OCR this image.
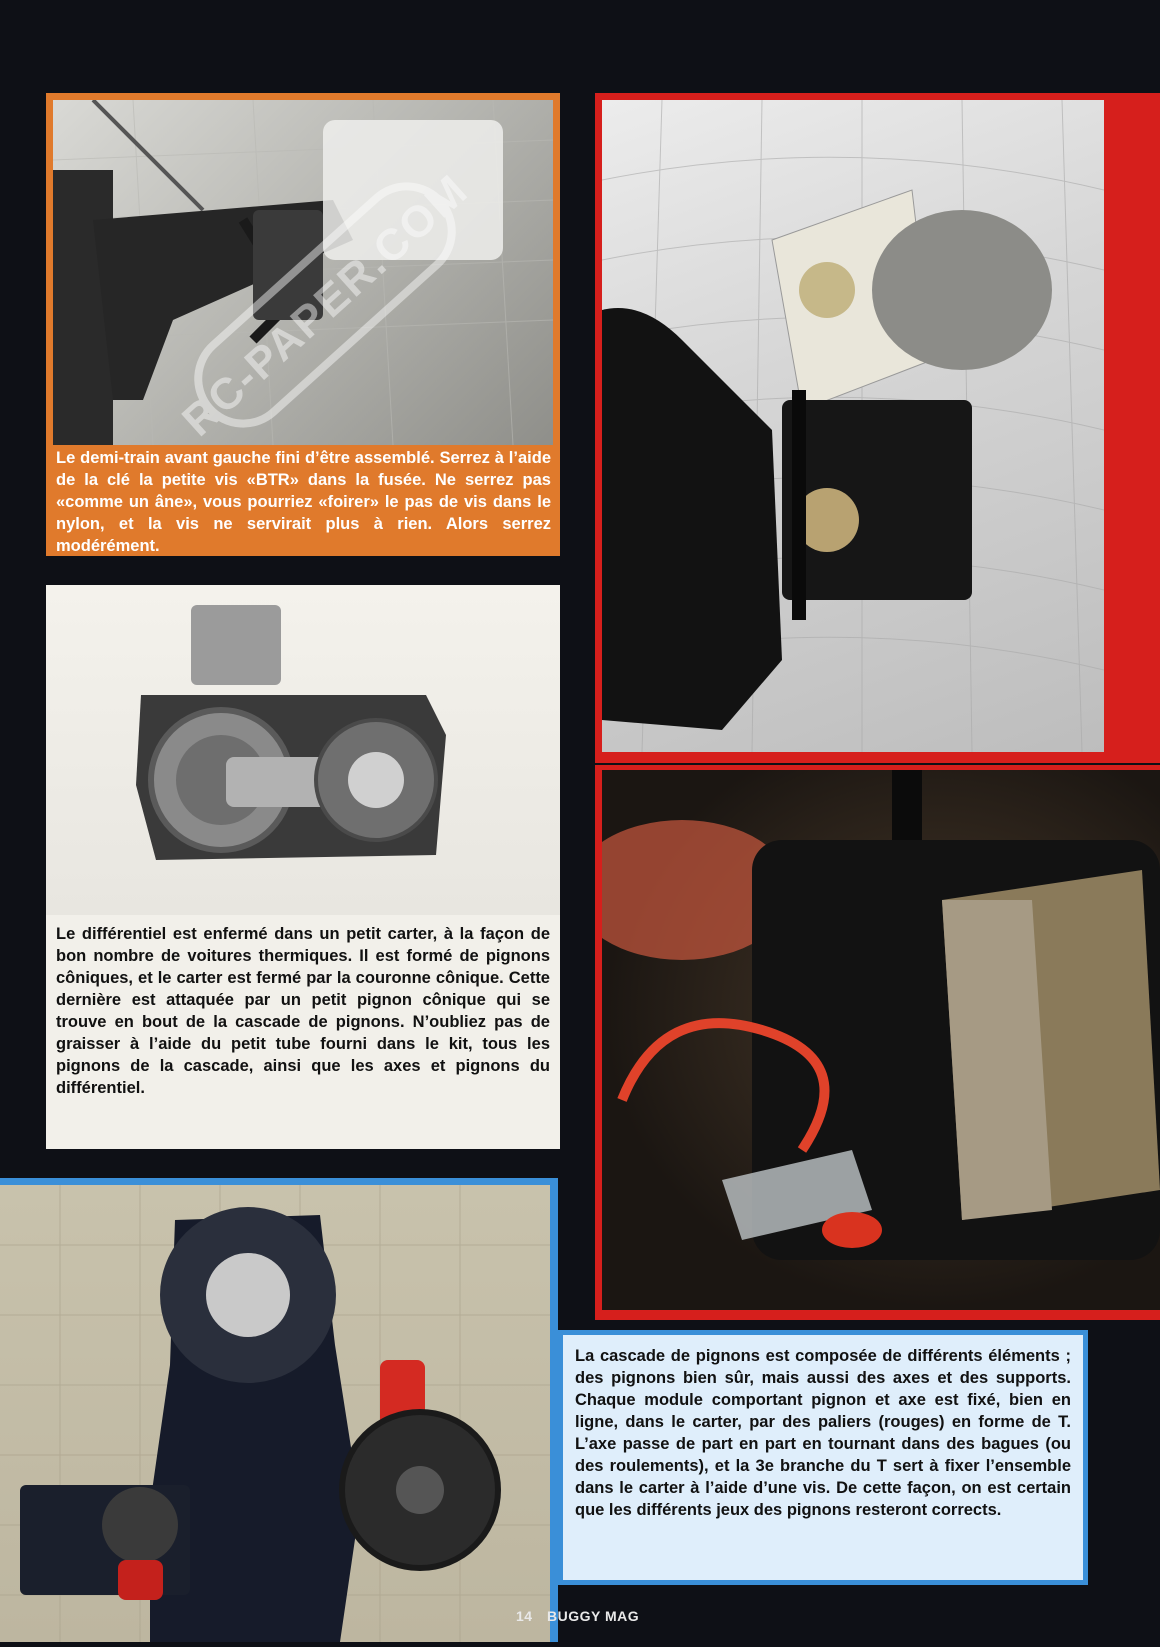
Le demi-train avant gauche fini d’être assemblé. Serrez à l’aide de la clé la petite vis «BTR» dans la fusée. Ne serrez pas «comme un âne», vous pourriez «foirer» le pas de vis dans le nylon, et la vis ne servirait plus à rien. Alors serrez modérément.
Le différentiel est enfermé dans un petit carter, à la façon de bon nombre de voitures thermiques. Il est formé de pignons côniques, et le carter est fermé par la couronne cônique. Cette dernière est attaquée par un petit pignon cônique qui se trouve en bout de la cascade de pignons. N’oubliez pas de graisser à l’aide du petit tube fourni dans le kit, tous les pignons de la cascade, ainsi que les axes et pignons du différentiel.
La cascade de pignons est composée de différents éléments ; des pignons bien sûr, mais aussi des axes et des supports. Chaque module comportant pignon et axe est fixé, bien en ligne, dans le carter, par des paliers (rouges) en forme de T. L’axe passe de part en part en tournant dans des bagues (ou des roulements), et la 3e branche du T sert à fixer l’ensemble dans le carter à l’aide d’une vis. De cette façon, on est certain que les différents jeux des pignons resteront corrects.
RC-PAPER.COM
14 BUGGY MAG
